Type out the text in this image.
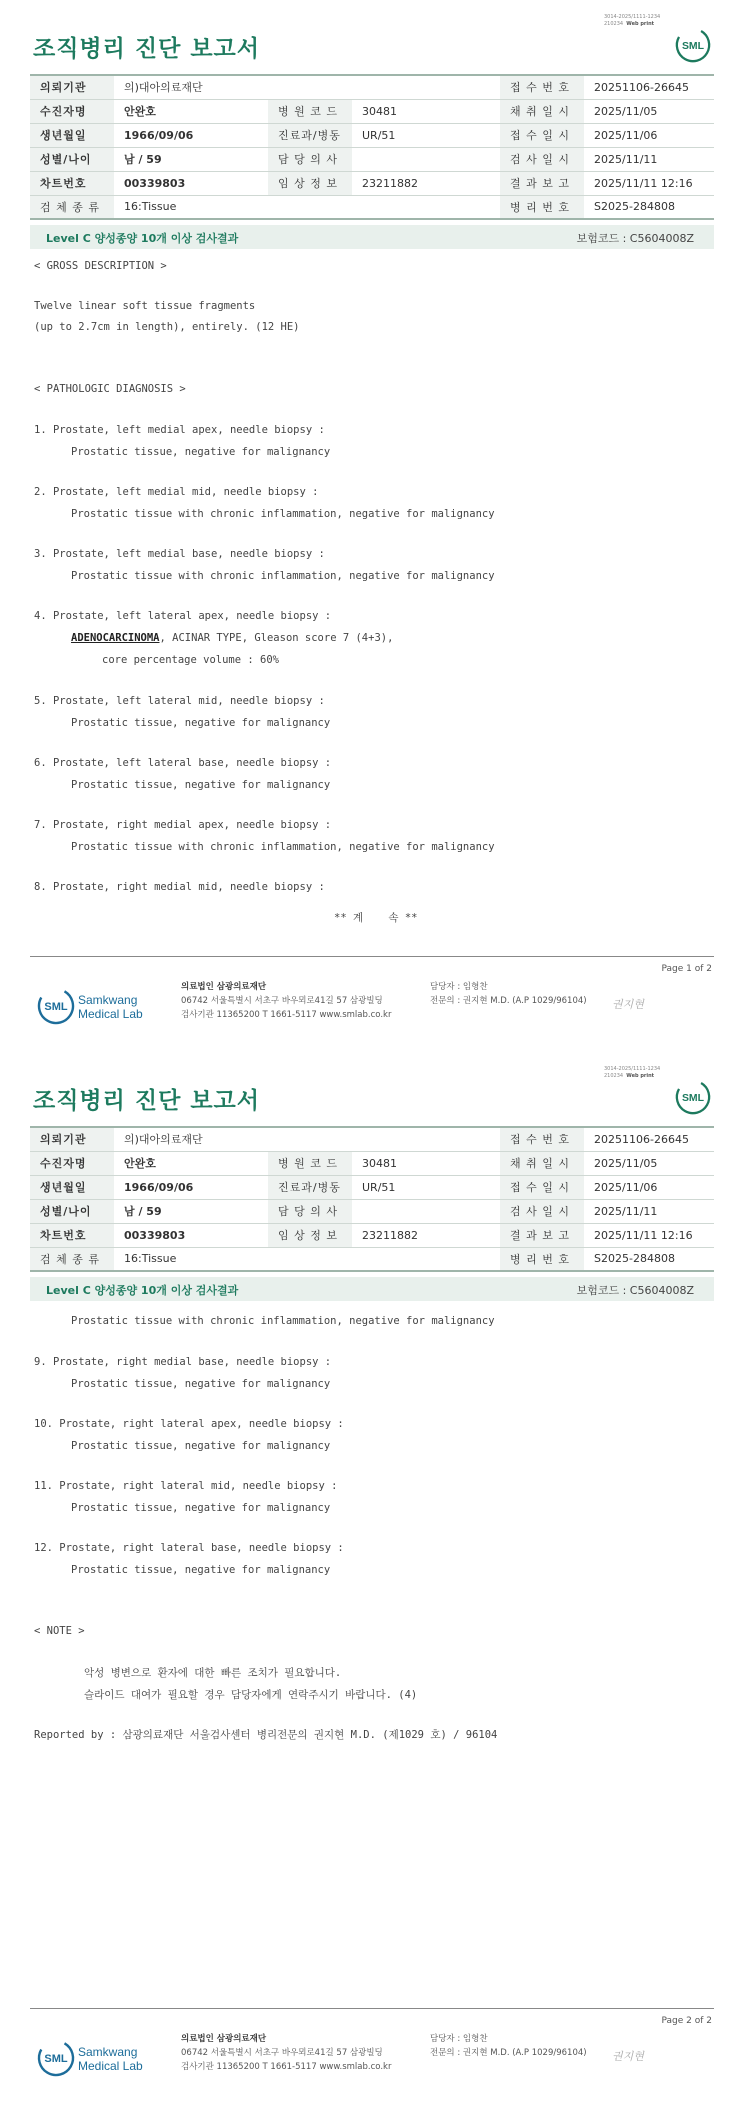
3014-2025/1111-1234
210234 Web print
조직병리 진단 보고서	SML
의뢰기관	의)대아의료재단			접 수 번 호	20251106-26645
수진자명	안완호	병 원 코 드	30481	채 취 일 시	2025/11/05
생년월일	1966/09/06	진료과/병동	UR/51	접 수 일 시	2025/11/06
성별/나이	남 / 59	담 당 의 사		검 사 일 시	2025/11/11
차트번호	00339803	임 상 정 보	23211882	결 과 보 고	2025/11/11 12:16
검 체 종 류	16:Tissue			병 리 번 호	S2025-284808
Level C 양성종양 10개 이상 검사결과	보험코드 : C5604008Z
< GROSS DESCRIPTION >
Twelve linear soft tissue fragments
(up to 2.7cm in length), entirely. (12 HE)
< PATHOLOGIC DIAGNOSIS >
1. Prostate, left medial apex, needle biopsy :
Prostatic tissue, negative for malignancy
2. Prostate, left medial mid, needle biopsy :
Prostatic tissue with chronic inflammation, negative for malignancy
3. Prostate, left medial base, needle biopsy :
Prostatic tissue with chronic inflammation, negative for malignancy
4. Prostate, left lateral apex, needle biopsy :
ADENOCARCINOMA, ACINAR TYPE, Gleason score 7 (4+3),
core percentage volume : 60%
5. Prostate, left lateral mid, needle biopsy :
Prostatic tissue, negative for malignancy
6. Prostate, left lateral base, needle biopsy :
Prostatic tissue, negative for malignancy
7. Prostate, right medial apex, needle biopsy :
Prostatic tissue with chronic inflammation, negative for malignancy
8. Prostate, right medial mid, needle biopsy :
** 계    속 **
Page 1 of 2
SML Samkwang
Medical Lab
의료법인 삼광의료재단
06742 서울특별시 서초구 바우뫼로41길 57 삼광빌딩
검사기관 11365200 T 1661-5117 www.smlab.co.kr
담당자 : 임형찬
전문의 : 권지현 M.D. (A.P 1029/96104) 권지현
3014-2025/1111-1234
210234 Web print
조직병리 진단 보고서	SML
의뢰기관	의)대아의료재단			접 수 번 호	20251106-26645
수진자명	안완호	병 원 코 드	30481	채 취 일 시	2025/11/05
생년월일	1966/09/06	진료과/병동	UR/51	접 수 일 시	2025/11/06
성별/나이	남 / 59	담 당 의 사		검 사 일 시	2025/11/11
차트번호	00339803	임 상 정 보	23211882	결 과 보 고	2025/11/11 12:16
검 체 종 류	16:Tissue			병 리 번 호	S2025-284808
Level C 양성종양 10개 이상 검사결과	보험코드 : C5604008Z
Prostatic tissue with chronic inflammation, negative for malignancy
9. Prostate, right medial base, needle biopsy :
Prostatic tissue, negative for malignancy
10. Prostate, right lateral apex, needle biopsy :
Prostatic tissue, negative for malignancy
11. Prostate, right lateral mid, needle biopsy :
Prostatic tissue, negative for malignancy
12. Prostate, right lateral base, needle biopsy :
Prostatic tissue, negative for malignancy
< NOTE >
악성 병변으로 환자에 대한 빠른 조치가 필요합니다.
슬라이드 대여가 필요할 경우 담당자에게 연락주시기 바랍니다. (4)
Reported by : 삼광의료재단 서울검사센터 병리전문의 권지현 M.D. (제1029 호) / 96104
Page 2 of 2
SML Samkwang
Medical Lab
의료법인 삼광의료재단
06742 서울특별시 서초구 바우뫼로41길 57 삼광빌딩
검사기관 11365200 T 1661-5117 www.smlab.co.kr
담당자 : 임형찬
전문의 : 권지현 M.D. (A.P 1029/96104) 권지현
